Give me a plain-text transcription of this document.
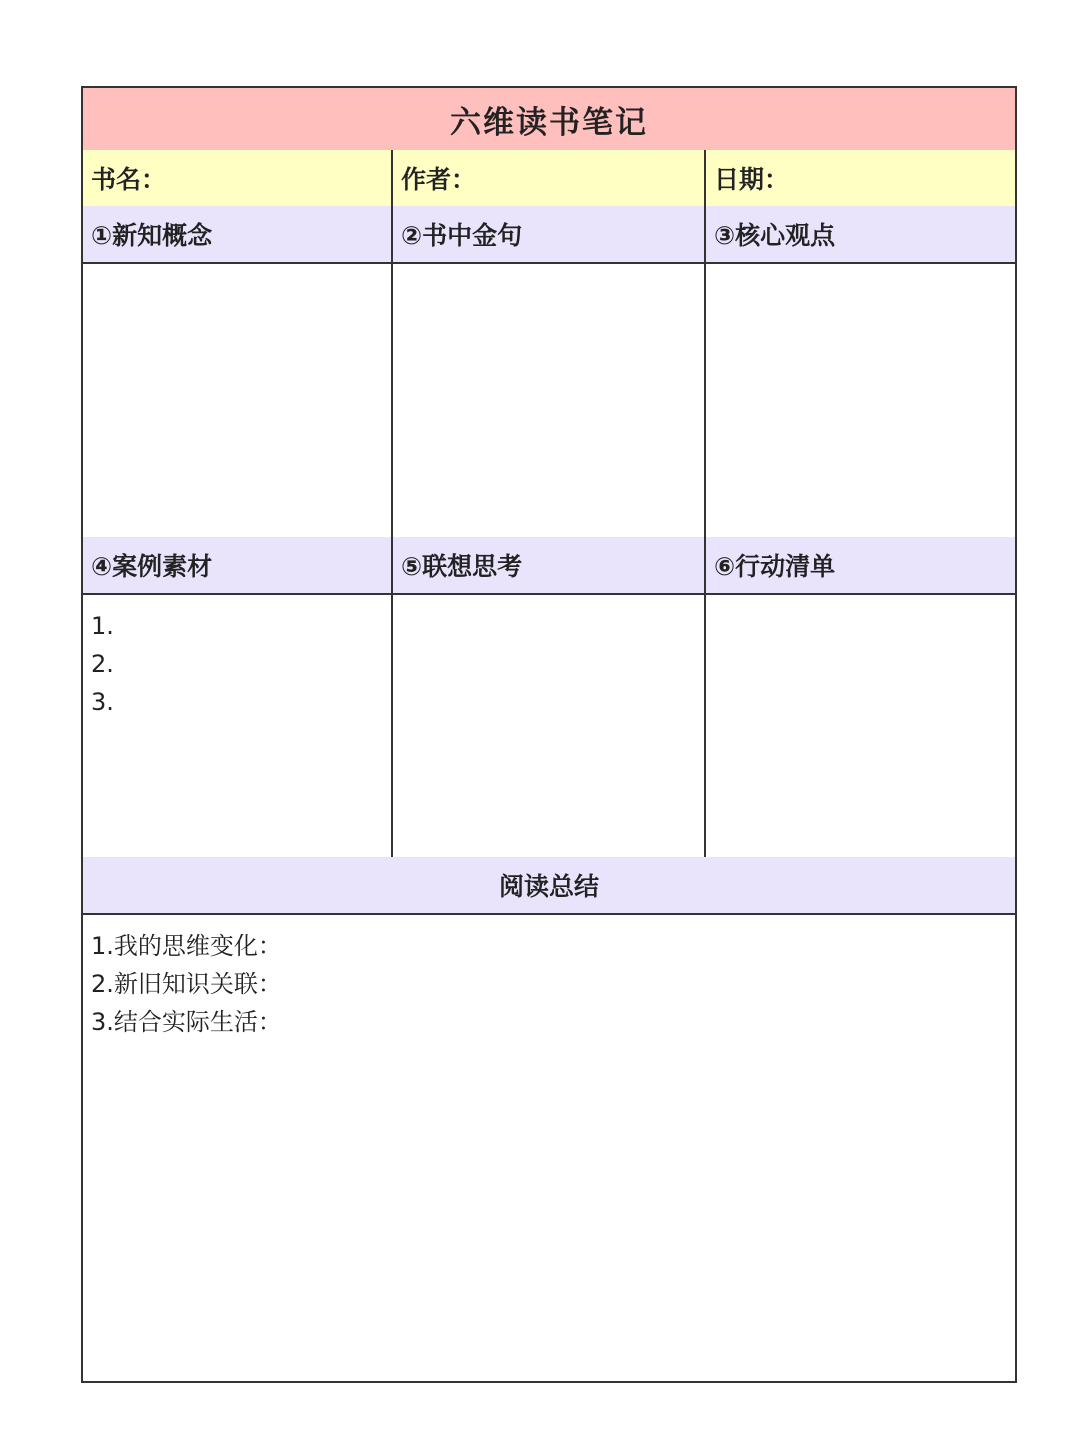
六维读书笔记
书名：	作者：	日期：
①新知概念	②书中金句	③核心观点
④案例素材	⑤联想思考	⑥行动清单
1.
2.
3.
阅读总结
1.我的思维变化：
2.新旧知识关联：
3.结合实际生活：
